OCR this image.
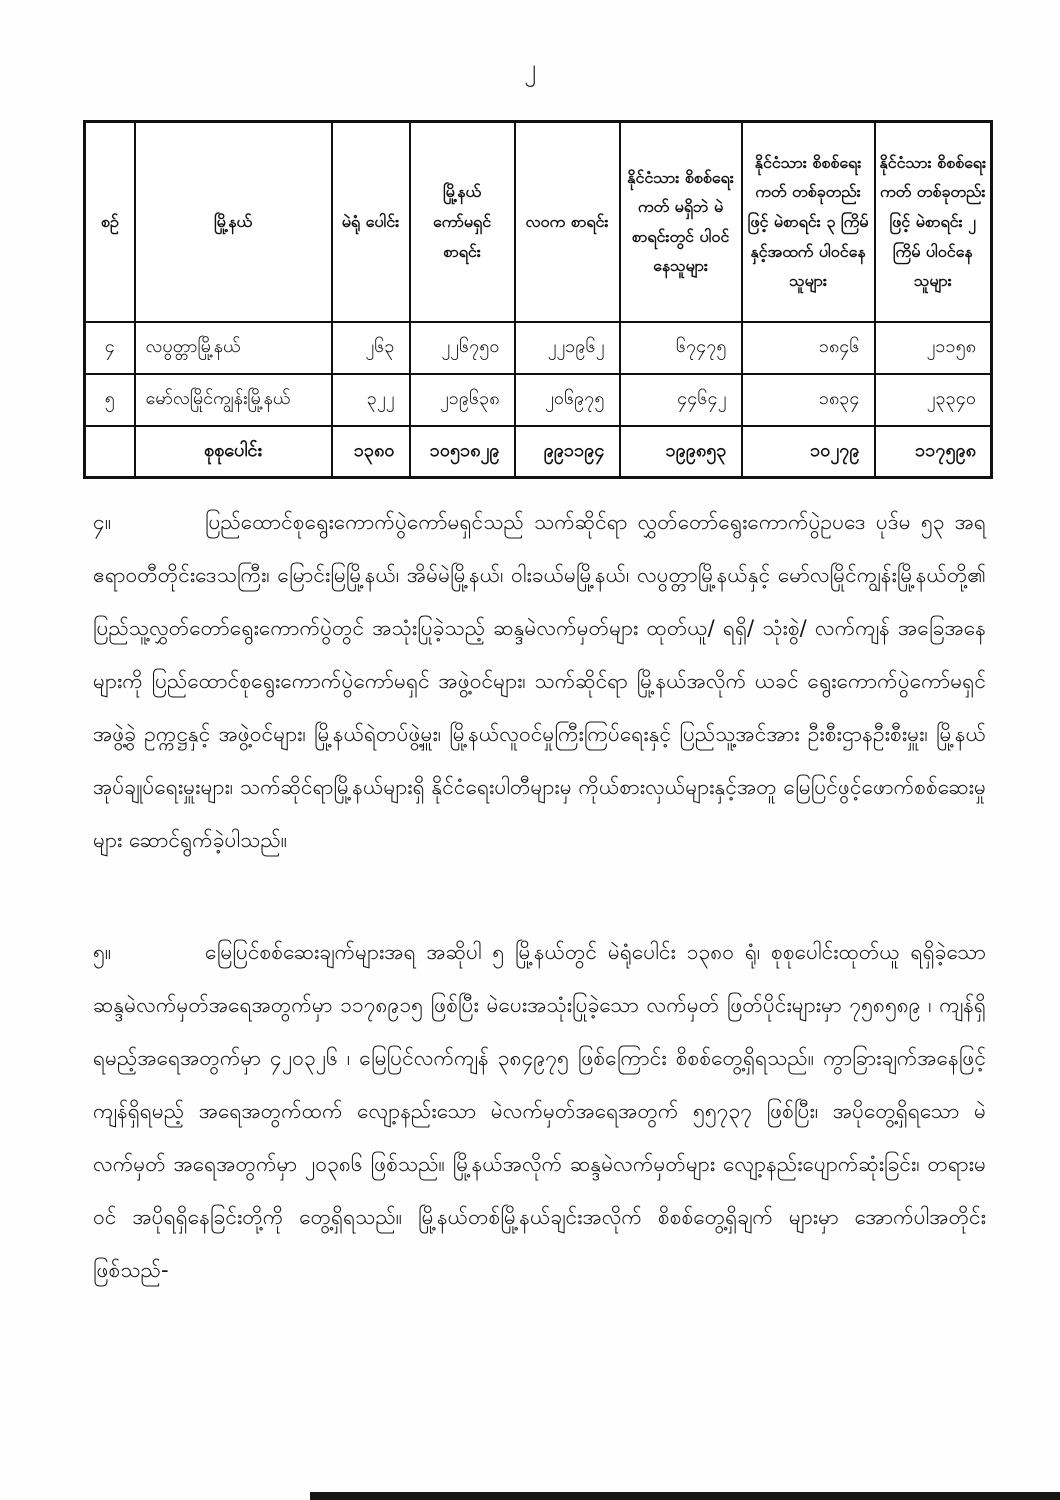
၂
စဉ်	မြို့နယ်	မဲရုံ ပေါင်း	မြို့နယ် ကော်မရှင် စာရင်း	လဝက စာရင်း	နိုင်ငံသား စိစစ်ရေးကတ် မရှိဘဲ မဲစာရင်းတွင် ပါဝင်နေသူများ	နိုင်ငံသား စိစစ်ရေးကတ် တစ်ခုတည်းဖြင့် မဲစာရင်း ၃ ကြိမ် နှင့်အထက် ပါဝင်နေသူများ	နိုင်ငံသား စိစစ်ရေးကတ် တစ်ခုတည်းဖြင့် မဲစာရင်း ၂ ကြိမ် ပါဝင်နေသူများ
၄	လပွတ္တာမြို့နယ်	၂၆၃	၂၂၆၇၅၀	၂၂၁၉၆၂	၆၇၄၇၅	၁၈၄၆	၂၁၁၅၈
၅	မော်လမြိုင်ကျွန်းမြို့နယ်	၃၂၂	၂၁၉၆၃၈	၂၀၆၉၇၅	၄၄၆၄၂	၁၈၃၄	၂၃၃၄၀
	စုစုပေါင်း	၁၃၈၀	၁၀၅၁၈၂၉	၉၉၁၁၉၄	၁၉၉၈၅၃	၁၀၂၇၉	၁၁၇၅၉၈
၄။	ပြည်ထောင်စုရွေးကောက်ပွဲကော်မရှင်သည် သက်ဆိုင်ရာ လွှတ်တော်ရွေးကောက်ပွဲဥပဒေ ပုဒ်မ ၅၃ အရ ဧရာဝတီတိုင်းဒေသကြီး၊ မြောင်းမြမြို့နယ်၊ အိမ်မဲမြို့နယ်၊ ဝါးခယ်မမြို့နယ်၊ လပွတ္တာမြို့နယ်နှင့် မော်လမြိုင်ကျွန်းမြို့နယ်တို့၏ ပြည်သူ့လွှတ်တော်ရွေးကောက်ပွဲတွင် အသုံးပြုခဲ့သည့် ဆန္ဒမဲလက်မှတ်များ ထုတ်ယူ/ ရရှိ/ သုံးစွဲ/ လက်ကျန် အခြေအနေများကို ပြည်ထောင်စုရွေးကောက်ပွဲကော်မရှင် အဖွဲ့ဝင်များ၊ သက်ဆိုင်ရာ မြို့နယ်အလိုက် ယခင် ရွေးကောက်ပွဲကော်မရှင် အဖွဲ့ခွဲ ဥက္ကဋ္ဌနှင့် အဖွဲ့ဝင်များ၊ မြို့နယ်ရဲတပ်ဖွဲ့မှူး၊ မြို့နယ်လူဝင်မှုကြီးကြပ်ရေးနှင့် ပြည်သူ့အင်အား ဦးစီးဌာနဦးစီးမှူး၊ မြို့နယ်အုပ်ချုပ်ရေးမှူးများ၊ သက်ဆိုင်ရာမြို့နယ်များရှိ နိုင်ငံရေးပါတီများမှ ကိုယ်စားလှယ်များနှင့်အတူ မြေပြင်ဖွင့်ဖောက်စစ်ဆေးမှုများ ဆောင်ရွက်ခဲ့ပါသည်။
၅။	မြေပြင်စစ်ဆေးချက်များအရ အဆိုပါ ၅ မြို့နယ်တွင် မဲရုံပေါင်း ၁၃၈၀ ရုံ၊ စုစုပေါင်းထုတ်ယူ ရရှိခဲ့သော ဆန္ဒမဲလက်မှတ်အရေအတွက်မှာ ၁၁၇၈၉၁၅ ဖြစ်ပြီး မဲပေးအသုံးပြုခဲ့သော လက်မှတ် ဖြတ်ပိုင်းများမှာ ၇၅၈၅၈၉ ၊ ကျန်ရှိရမည့်အရေအတွက်မှာ ၄၂၀၃၂၆ ၊ မြေပြင်လက်ကျန် ၃၈၄၉၇၅ ဖြစ်ကြောင်း စိစစ်တွေ့ရှိရသည်။ ကွာခြားချက်အနေဖြင့် ကျန်ရှိရမည့် အရေအတွက်ထက် လျော့နည်းသော မဲလက်မှတ်အရေအတွက် ၅၅၇၃၇ ဖြစ်ပြီး၊ အပိုတွေ့ရှိရသော မဲလက်မှတ် အရေအတွက်မှာ ၂၀၃၈၆ ဖြစ်သည်။ မြို့နယ်အလိုက် ဆန္ဒမဲလက်မှတ်များ လျော့နည်းပျောက်ဆုံးခြင်း၊ တရားမဝင် အပိုရရှိနေခြင်းတို့ကို တွေ့ရှိရသည်။ မြို့နယ်တစ်မြို့နယ်ချင်းအလိုက် စိစစ်တွေ့ရှိချက် များမှာ အောက်ပါအတိုင်းဖြစ်သည်-
